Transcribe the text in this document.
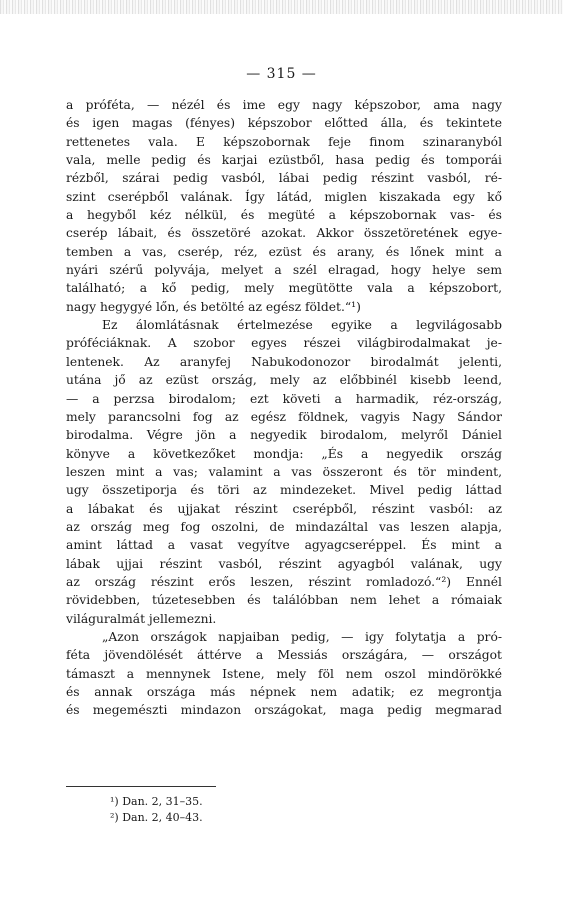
— 315 —
a próféta, — nézél és ime egy nagy képszobor, ama nagy
és igen magas (fényes) képszobor előtted álla, és tekintete
rettenetes vala. E képszobornak feje finom szinaranyból
vala, melle pedig és karjai ezüstből, hasa pedig és tomporái
rézből, szárai pedig vasból, lábai pedig részint vasból, ré-
szint cserépből valának. Így látád, miglen kiszakada egy kő
a hegyből kéz nélkül, és megüté a képszobornak vas- és
cserép lábait, és összetöré azokat. Akkor összetöretének egye-
temben a vas, cserép, réz, ezüst és arany, és lőnek mint a
nyári szérű polyvája, melyet a szél elragad, hogy helye sem
található; a kő pedig, mely megütötte vala a képszobort,
nagy hegygyé lőn, és betölté az egész földet.“¹)
Ez álomlátásnak értelmezése egyike a legvilágosabb
próféciáknak. A szobor egyes részei világbirodalmakat je-
lentenek. Az aranyfej Nabukodonozor birodalmát jelenti,
utána jő az ezüst ország, mely az előbbinél kisebb leend,
— a perzsa birodalom; ezt követi a harmadik, réz-ország,
mely parancsolni fog az egész földnek, vagyis Nagy Sándor
birodalma. Végre jön a negyedik birodalom, melyről Dániel
könyve a következőket mondja: „És a negyedik ország
leszen mint a vas; valamint a vas összeront és tör mindent,
ugy összetiporja és töri az mindezeket. Mivel pedig láttad
a lábakat és ujjakat részint cserépből, részint vasból: az
az ország meg fog oszolni, de mindazáltal vas leszen alapja,
amint láttad a vasat vegyítve agyagcseréppel. És mint a
lábak ujjai részint vasból, részint agyagból valának, ugy
az ország részint erős leszen, részint romladozó.“²) Ennél
rövidebben, túzetesebben és találóbban nem lehet a rómaiak
világuralmát jellemezni.
„Azon országok napjaiban pedig, — igy folytatja a pró-
féta jövendölését áttérve a Messiás országára, — országot
támaszt a mennynek Istene, mely föl nem oszol mindörökké
és annak országa más népnek nem adatik; ez megrontja
és megemészti mindazon országokat, maga pedig megmarad
¹) Dan. 2, 31–35.
²) Dan. 2, 40–43.
